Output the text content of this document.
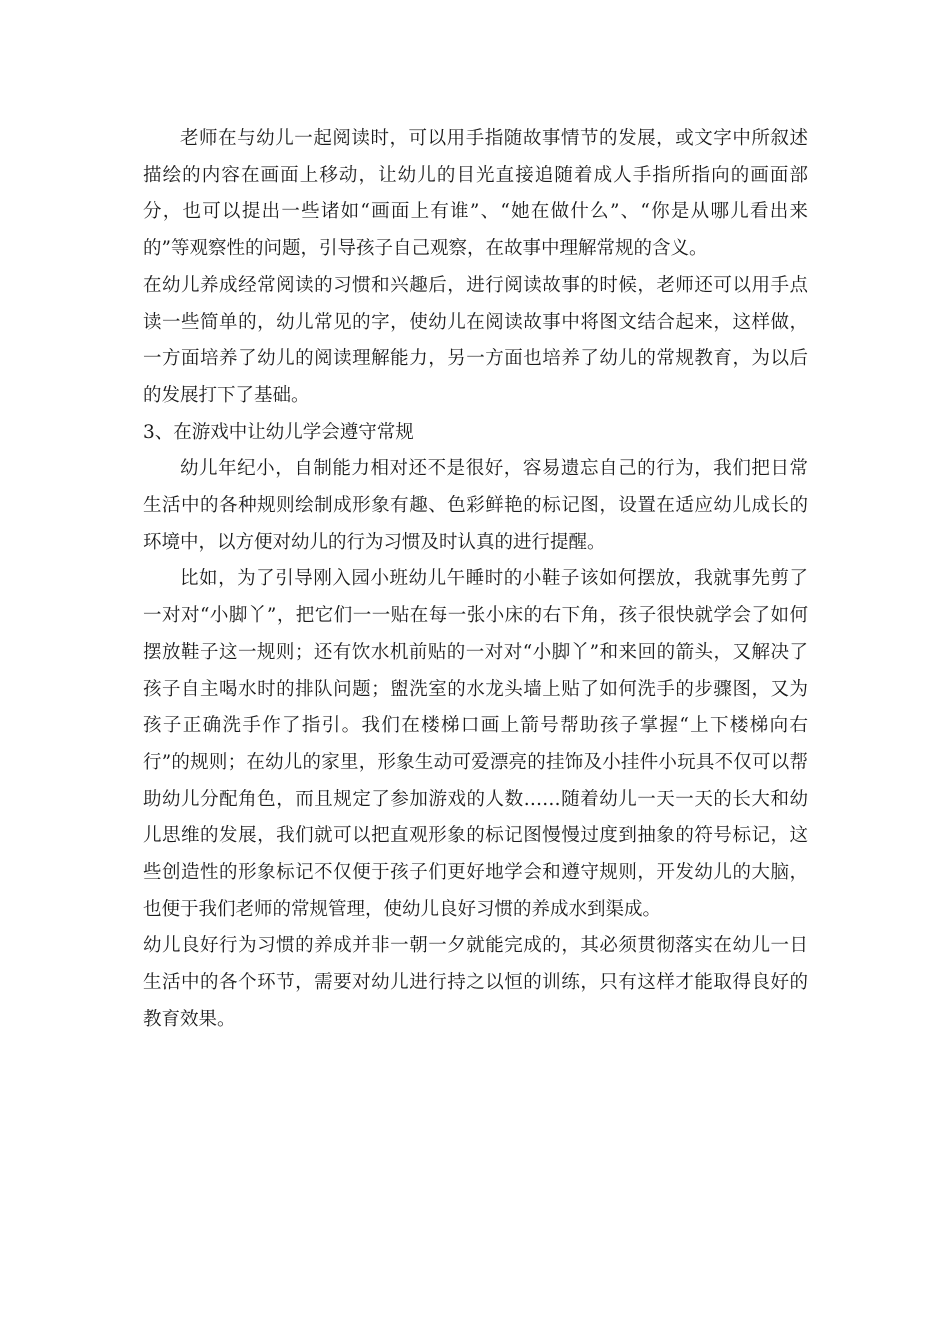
老师在与幼儿一起阅读时，可以用手指随故事情节的发展，或文字中所叙述描绘的内容在画面上移动，让幼儿的目光直接追随着成人手指所指向的画面部分，也可以提出一些诸如“画面上有谁”、“她在做什么”、“你是从哪儿看出来的”等观察性的问题，引导孩子自己观察，在故事中理解常规的含义。

在幼儿养成经常阅读的习惯和兴趣后，进行阅读故事的时候，老师还可以用手点读一些简单的，幼儿常见的字，使幼儿在阅读故事中将图文结合起来，这样做，一方面培养了幼儿的阅读理解能力，另一方面也培养了幼儿的常规教育，为以后的发展打下了基础。

3、在游戏中让幼儿学会遵守常规

幼儿年纪小，自制能力相对还不是很好，容易遗忘自己的行为，我们把日常生活中的各种规则绘制成形象有趣、色彩鲜艳的标记图，设置在适应幼儿成长的环境中，以方便对幼儿的行为习惯及时认真的进行提醒。

比如，为了引导刚入园小班幼儿午睡时的小鞋子该如何摆放，我就事先剪了一对对“小脚丫”，把它们一一贴在每一张小床的右下角，孩子很快就学会了如何摆放鞋子这一规则；还有饮水机前贴的一对对“小脚丫”和来回的箭头，又解决了孩子自主喝水时的排队问题；盥洗室的水龙头墙上贴了如何洗手的步骤图，又为孩子正确洗手作了指引。我们在楼梯口画上箭号帮助孩子掌握“上下楼梯向右行”的规则；在幼儿的家里，形象生动可爱漂亮的挂饰及小挂件小玩具不仅可以帮助幼儿分配角色，而且规定了参加游戏的人数……随着幼儿一天一天的长大和幼儿思维的发展，我们就可以把直观形象的标记图慢慢过度到抽象的符号标记，这些创造性的形象标记不仅便于孩子们更好地学会和遵守规则，开发幼儿的大脑，也便于我们老师的常规管理，使幼儿良好习惯的养成水到渠成。

幼儿良好行为习惯的养成并非一朝一夕就能完成的，其必须贯彻落实在幼儿一日生活中的各个环节，需要对幼儿进行持之以恒的训练，只有这样才能取得良好的教育效果。
